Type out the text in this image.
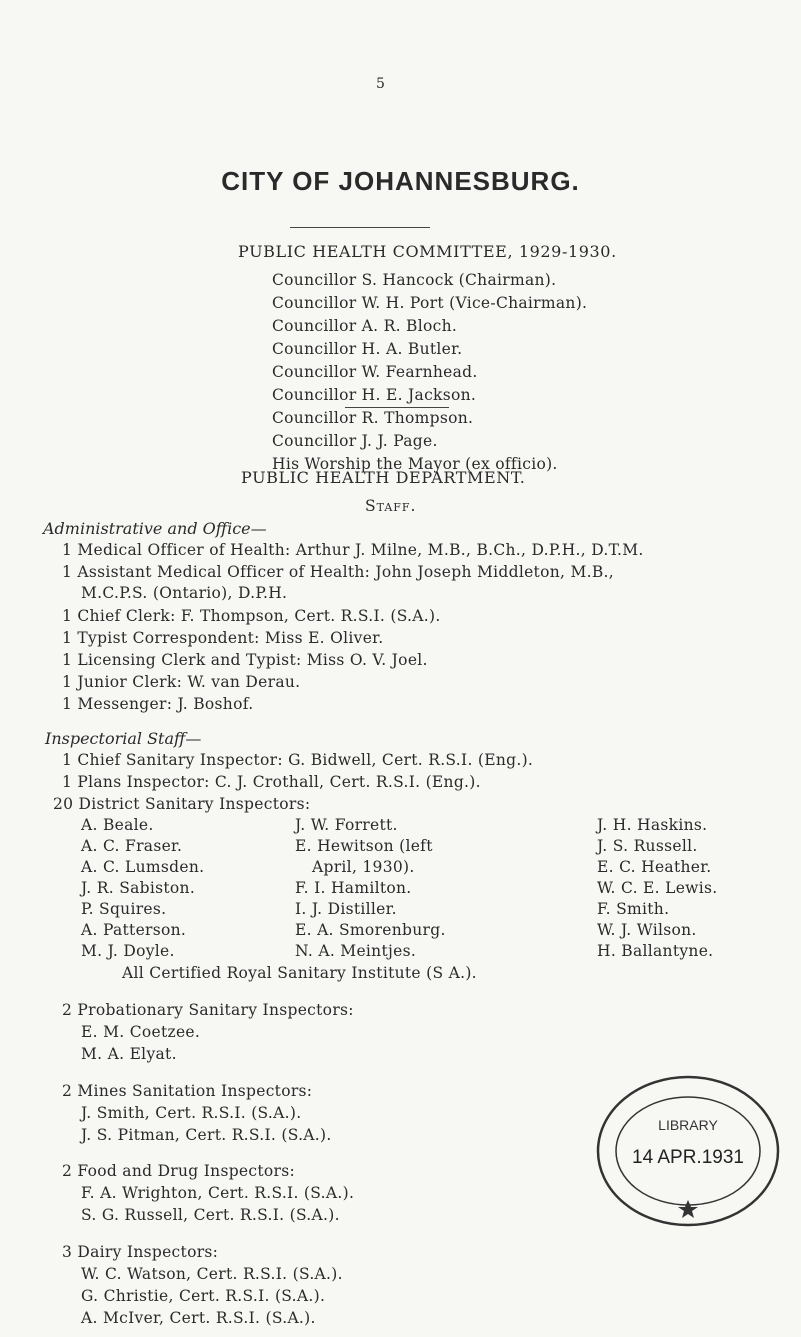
5
CITY OF JOHANNESBURG.
PUBLIC HEALTH COMMITTEE, 1929-1930.
Councillor S. Hancock (Chairman).
Councillor W. H. Port (Vice-Chairman).
Councillor A. R. Bloch.
Councillor H. A. Butler.
Councillor W. Fearnhead.
Councillor H. E. Jackson.
Councillor R. Thompson.
Councillor J. J. Page.
His Worship the Mayor (ex officio).
PUBLIC HEALTH DEPARTMENT.
Staff.
Administrative and Office—
1 Medical Officer of Health: Arthur J. Milne, M.B., B.Ch., D.P.H., D.T.M.
1 Assistant Medical Officer of Health: John Joseph Middleton, M.B.,
M.C.P.S. (Ontario), D.P.H.
1 Chief Clerk: F. Thompson, Cert. R.S.I. (S.A.).
1 Typist Correspondent: Miss E. Oliver.
1 Licensing Clerk and Typist: Miss O. V. Joel.
1 Junior Clerk: W. van Derau.
1 Messenger: J. Boshof.
Inspectorial Staff—
1 Chief Sanitary Inspector: G. Bidwell, Cert. R.S.I. (Eng.).
1 Plans Inspector: C. J. Crothall, Cert. R.S.I. (Eng.).
20 District Sanitary Inspectors:
A. Beale.
A. C. Fraser.
A. C. Lumsden.
J. R. Sabiston.
P. Squires.
A. Patterson.
M. J. Doyle.
J. W. Forrett.
E. Hewitson (left
April, 1930).
F. I. Hamilton.
I. J. Distiller.
E. A. Smorenburg.
N. A. Meintjes.
J. H. Haskins.
J. S. Russell.
E. C. Heather.
W. C. E. Lewis.
F. Smith.
W. J. Wilson.
H. Ballantyne.
All Certified Royal Sanitary Institute (S A.).
2 Probationary Sanitary Inspectors:
E. M. Coetzee.
M. A. Elyat.
2 Mines Sanitation Inspectors:
J. Smith, Cert. R.S.I. (S.A.).
J. S. Pitman, Cert. R.S.I. (S.A.).
2 Food and Drug Inspectors:
F. A. Wrighton, Cert. R.S.I. (S.A.).
S. G. Russell, Cert. R.S.I. (S.A.).
3 Dairy Inspectors:
W. C. Watson, Cert. R.S.I. (S.A.).
G. Christie, Cert. R.S.I. (S.A.).
A. McIver, Cert. R.S.I. (S.A.).
LIBRARY
14 APR.1931
